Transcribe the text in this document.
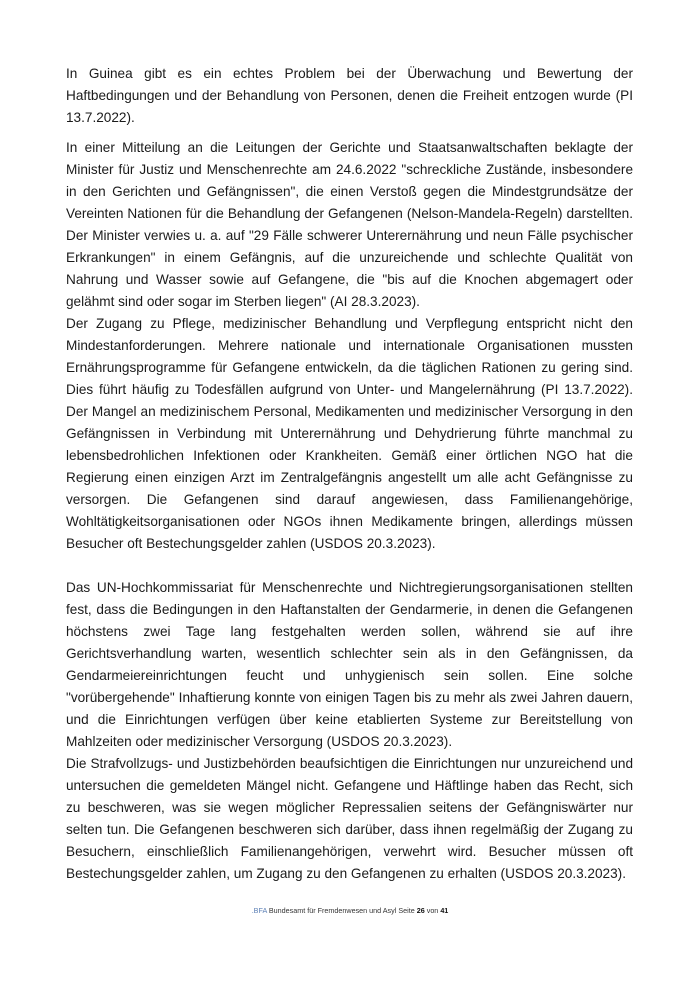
In Guinea gibt es ein echtes Problem bei der Überwachung und Bewertung der Haftbedingungen und der Behandlung von Personen, denen die Freiheit entzogen wurde (PI 13.7.2022).

In einer Mitteilung an die Leitungen der Gerichte und Staatsanwaltschaften beklagte der Minister für Justiz und Menschenrechte am 24.6.2022 "schreckliche Zustände, insbesondere in den Gerichten und Gefängnissen", die einen Verstoß gegen die Mindestgrundsätze der Vereinten Nationen für die Behandlung der Gefangenen (Nelson-Mandela-Regeln) darstellten. Der Minister verwies u. a. auf "29 Fälle schwerer Unterernährung und neun Fälle psychischer Erkrankungen" in einem Gefängnis, auf die unzureichende und schlechte Qualität von Nahrung und Wasser sowie auf Gefangene, die "bis auf die Knochen abgemagert oder gelähmt sind oder sogar im Sterben liegen" (AI 28.3.2023).

Der Zugang zu Pflege, medizinischer Behandlung und Verpflegung entspricht nicht den Mindestanforderungen. Mehrere nationale und internationale Organisationen mussten Ernährungsprogramme für Gefangene entwickeln, da die täglichen Rationen zu gering sind. Dies führt häufig zu Todesfällen aufgrund von Unter- und Mangelernährung (PI 13.7.2022). Der Mangel an medizinischem Personal, Medikamenten und medizinischer Versorgung in den Gefängnissen in Verbindung mit Unterernährung und Dehydrierung führte manchmal zu lebensbedrohlichen Infektionen oder Krankheiten. Gemäß einer örtlichen NGO hat die Regierung einen einzigen Arzt im Zentralgefängnis angestellt um alle acht Gefängnisse zu versorgen. Die Gefangenen sind darauf angewiesen, dass Familienangehörige, Wohltätigkeitsorganisationen oder NGOs ihnen Medikamente bringen, allerdings müssen Besucher oft Bestechungsgelder zahlen (USDOS 20.3.2023).

Das UN-Hochkommissariat für Menschenrechte und Nichtregierungsorganisationen stellten fest, dass die Bedingungen in den Haftanstalten der Gendarmerie, in denen die Gefangenen höchstens zwei Tage lang festgehalten werden sollen, während sie auf ihre Gerichtsverhandlung warten, wesentlich schlechter sein als in den Gefängnissen, da Gendarmeiereinrichtungen feucht und unhygienisch sein sollen. Eine solche "vorübergehende" Inhaftierung konnte von einigen Tagen bis zu mehr als zwei Jahren dauern, und die Einrichtungen verfügen über keine etablierten Systeme zur Bereitstellung von Mahlzeiten oder medizinischer Versorgung (USDOS 20.3.2023).

Die Strafvollzugs- und Justizbehörden beaufsichtigen die Einrichtungen nur unzureichend und untersuchen die gemeldeten Mängel nicht. Gefangene und Häftlinge haben das Recht, sich zu beschweren, was sie wegen möglicher Repressalien seitens der Gefängniswärter nur selten tun. Die Gefangenen beschweren sich darüber, dass ihnen regelmäßig der Zugang zu Besuchern, einschließlich Familienangehörigen, verwehrt wird. Besucher müssen oft Bestechungsgelder zahlen, um Zugang zu den Gefangenen zu erhalten (USDOS 20.3.2023).

.BFA Bundesamt für Fremdenwesen und Asyl Seite 26 von 41
